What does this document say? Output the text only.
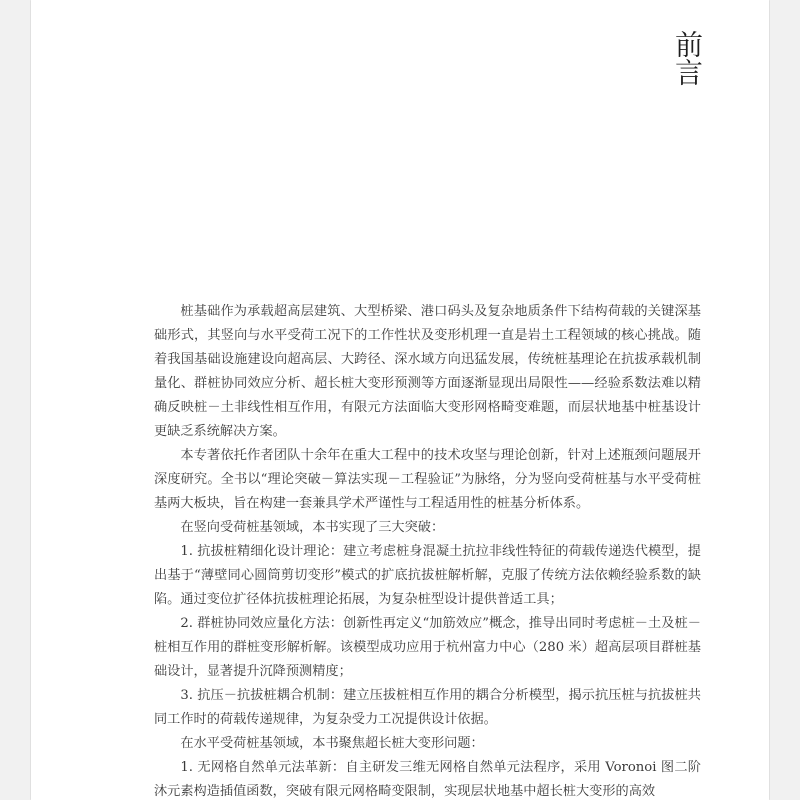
前言

桩基础作为承载超高层建筑、大型桥梁、港口码头及复杂地质条件下结构荷载的关键深基础形式，其竖向与水平受荷工况下的工作性状及变形机理一直是岩土工程领域的核心挑战。随着我国基础设施建设向超高层、大跨径、深水域方向迅猛发展，传统桩基理论在抗拔承载机制量化、群桩协同效应分析、超长桩大变形预测等方面逐渐显现出局限性——经验系数法难以精确反映桩－土非线性相互作用，有限元方法面临大变形网格畸变难题，而层状地基中桩基设计更缺乏系统解决方案。

本专著依托作者团队十余年在重大工程中的技术攻坚与理论创新，针对上述瓶颈问题展开深度研究。全书以“理论突破－算法实现－工程验证”为脉络，分为竖向受荷桩基与水平受荷桩基两大板块，旨在构建一套兼具学术严谨性与工程适用性的桩基分析体系。

在竖向受荷桩基领域，本书实现了三大突破：

1. 抗拔桩精细化设计理论：建立考虑桩身混凝土抗拉非线性特征的荷载传递迭代模型，提出基于“薄壁同心圆筒剪切变形”模式的扩底抗拔桩解析解，克服了传统方法依赖经验系数的缺陷。通过变位扩径体抗拔桩理论拓展，为复杂桩型设计提供普适工具；

2. 群桩协同效应量化方法：创新性再定义“加筋效应”概念，推导出同时考虑桩－土及桩－桩相互作用的群桩变形解析解。该模型成功应用于杭州富力中心（280 米）超高层项目群桩基础设计，显著提升沉降预测精度；

3. 抗压－抗拔桩耦合机制：建立压拔桩相互作用的耦合分析模型，揭示抗压桩与抗拔桩共同工作时的荷载传递规律，为复杂受力工况提供设计依据。

在水平受荷桩基领域，本书聚焦超长桩大变形问题：

1. 无网格自然单元法革新：自主研发三维无网格自然单元法程序，采用 Voronoi 图二阶沐元素构造插值函数，突破有限元网格畸变限制，实现层状地基中超长桩大变形的高效
